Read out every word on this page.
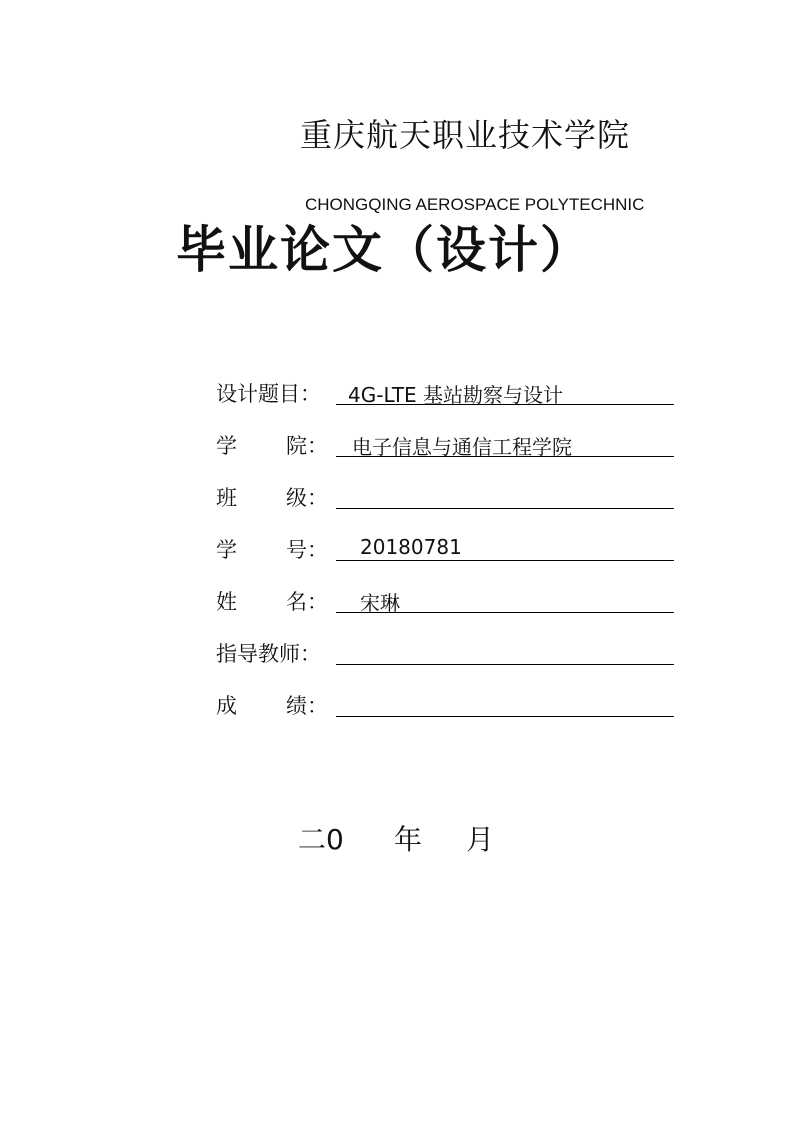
重庆航天职业技术学院
CHONGQING AEROSPACE POLYTECHNIC
毕业论文（设计）
设计题目：	4G-LTE 基站勘察与设计
学 院： 电子信息与通信工程学院
班 级：
学 号： 20180781
姓 名： 宋琳
指导教师：
成 绩：
二0	年	月
